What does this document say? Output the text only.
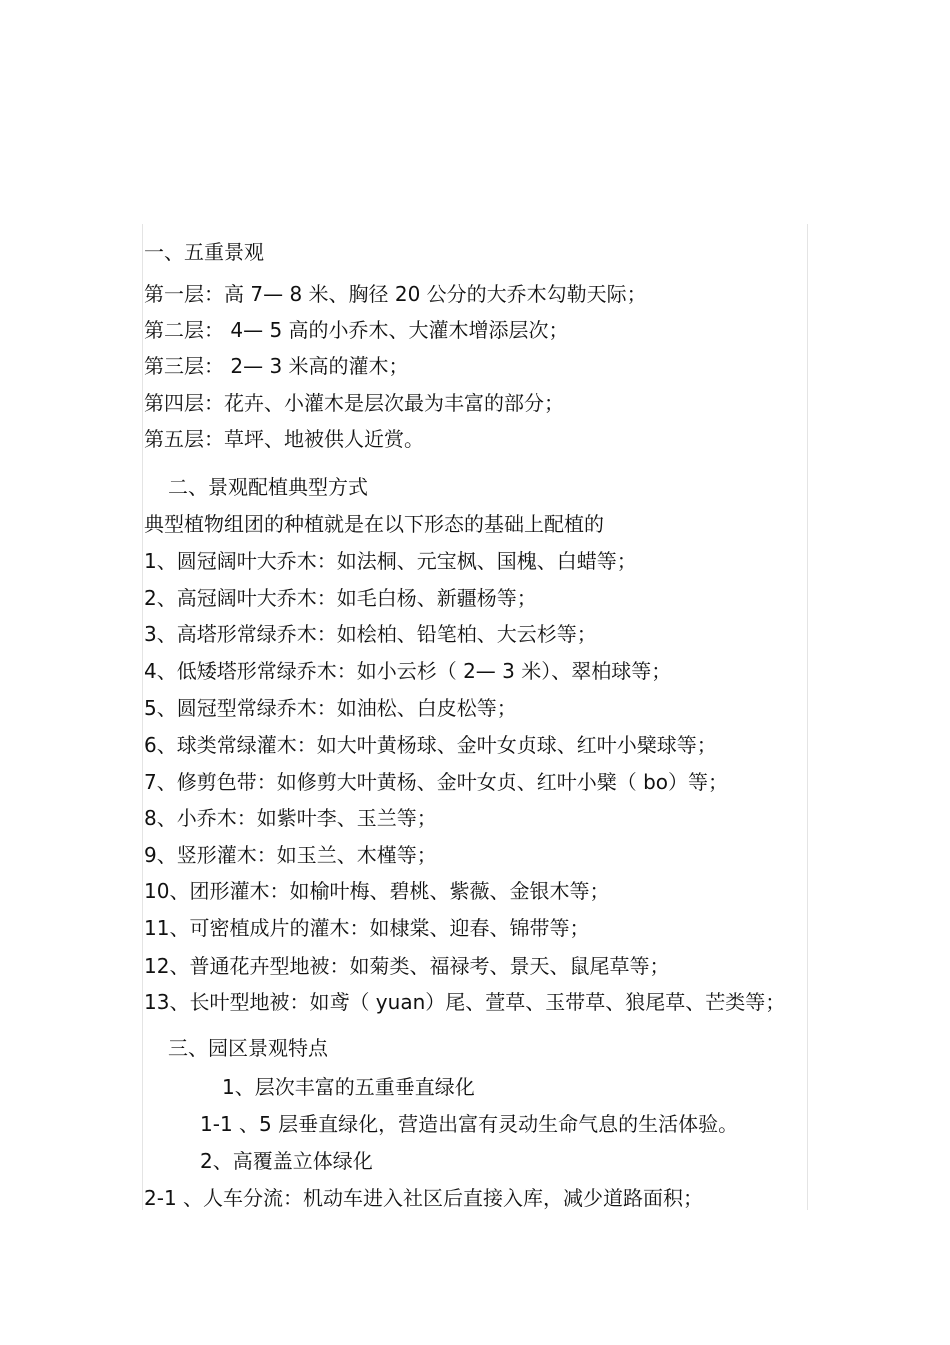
一、五重景观
第一层：高 7— 8 米、胸径 20 公分的大乔木勾勒天际；
第二层： 4— 5 高的小乔木、大灌木增添层次；
第三层： 2— 3 米高的灌木；
第四层：花卉、小灌木是层次最为丰富的部分；
第五层：草坪、地被供人近赏。
二、景观配植典型方式
典型植物组团的种植就是在以下形态的基础上配植的
1、圆冠阔叶大乔木：如法桐、元宝枫、国槐、白蜡等；
2、高冠阔叶大乔木：如毛白杨、新疆杨等；
3、高塔形常绿乔木：如桧柏、铅笔柏、大云杉等；
4、低矮塔形常绿乔木：如小云杉（ 2— 3 米）、翠柏球等；
5、圆冠型常绿乔木：如油松、白皮松等；
6、球类常绿灌木：如大叶黄杨球、金叶女贞球、红叶小檗球等；
7、修剪色带：如修剪大叶黄杨、金叶女贞、红叶小檗（ bo）等；
8、小乔木：如紫叶李、玉兰等；
9、竖形灌木：如玉兰、木槿等；
10、团形灌木：如榆叶梅、碧桃、紫薇、金银木等；
11、可密植成片的灌木：如棣棠、迎春、锦带等；
12、普通花卉型地被：如菊类、福禄考、景天、鼠尾草等；
13、长叶型地被：如鸢（ yuan）尾、萱草、玉带草、狼尾草、芒类等；
三、园区景观特点
1、层次丰富的五重垂直绿化
1-1 、5 层垂直绿化，营造出富有灵动生命气息的生活体验。
2、高覆盖立体绿化
2-1 、人车分流：机动车进入社区后直接入库，减少道路面积；
